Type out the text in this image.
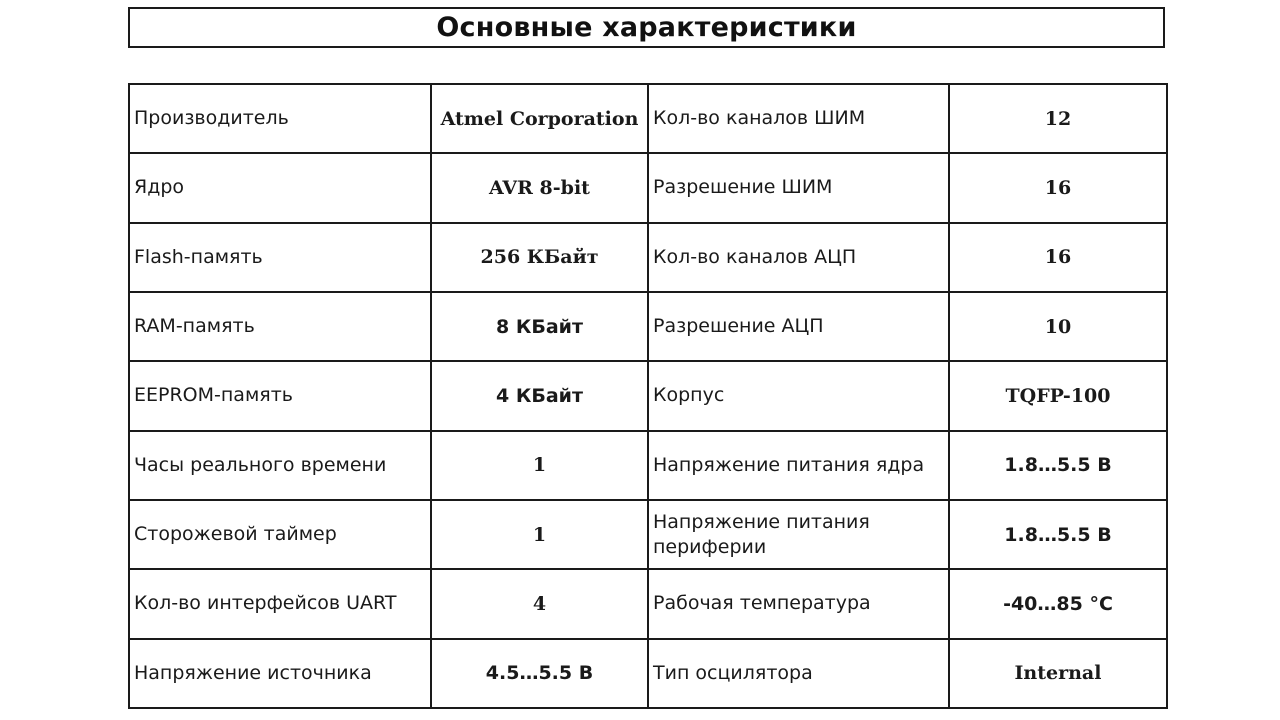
Основные характеристики
Производитель	Atmel Corporation	Кол-во каналов ШИМ	12
Ядро	AVR 8-bit	Разрешение ШИМ	16
Flash-память	256 КБайт	Кол-во каналов АЦП	16
RAM-память	8 КБайт	Разрешение АЦП	10
EEPROM-память	4 КБайт	Корпус	TQFP-100
Часы реального времени	1	Напряжение питания ядра	1.8…5.5 В
Сторожевой таймер	1	Напряжение питания периферии	1.8…5.5 В
Кол-во интерфейсов UART	4	Рабочая температура	-40…85 °С
Напряжение источника	4.5…5.5 В	Тип осцилятора	Internal
